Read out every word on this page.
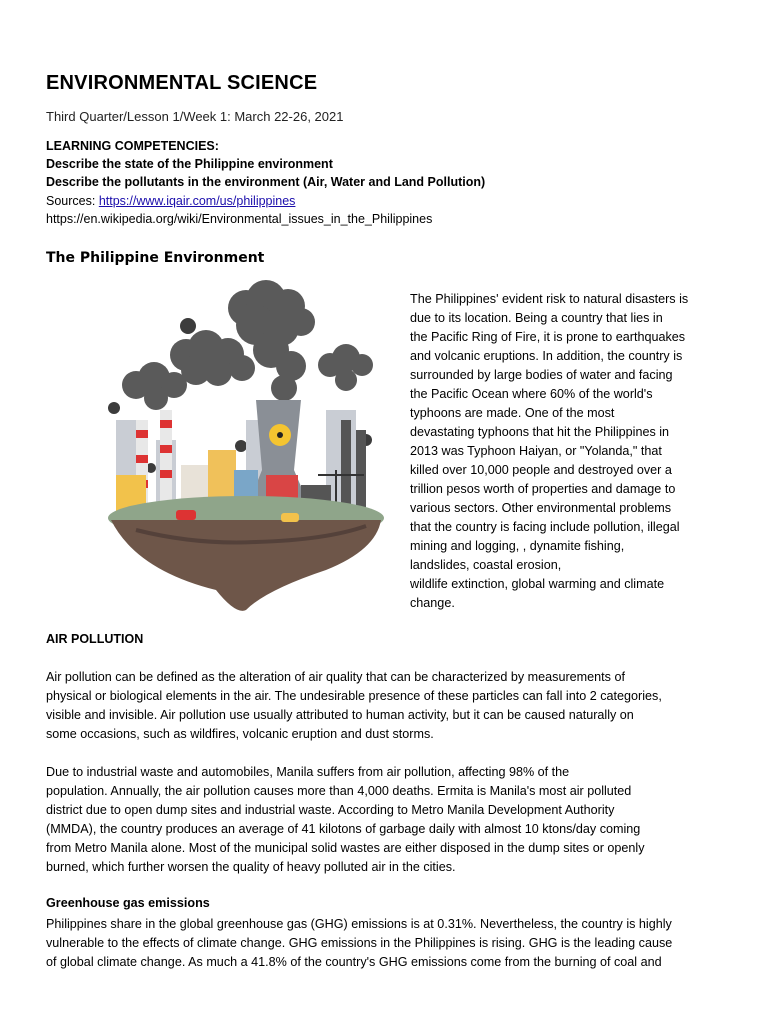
ENVIRONMENTAL SCIENCE
Third Quarter/Lesson 1/Week 1: March 22-26, 2021
LEARNING COMPETENCIES:
Describe the state of the Philippine environment
Describe the pollutants in the environment (Air, Water and Land Pollution)
Sources: https://www.iqair.com/us/philippines
https://en.wikipedia.org/wiki/Environmental_issues_in_the_Philippines
The Philippine Environment
The Philippines' evident risk to natural disasters is
due to its location. Being a country that lies in
the Pacific Ring of Fire, it is prone to earthquakes
and volcanic eruptions. In addition, the country is
surrounded by large bodies of water and facing
the Pacific Ocean where 60% of the world's
typhoons are made. One of the most
devastating typhoons that hit the Philippines in
2013 was Typhoon Haiyan, or "Yolanda," that
killed over 10,000 people and destroyed over a
trillion pesos worth of properties and damage to
various sectors. Other environmental problems
that the country is facing include pollution, illegal
mining and logging, , dynamite fishing,
landslides, coastal erosion,
wildlife extinction, global warming and climate
change.
AIR POLLUTION
Air pollution can be defined as the alteration of air quality that can be characterized by measurements of
physical or biological elements in the air. The undesirable presence of these particles can fall into 2 categories,
visible and invisible. Air pollution use usually attributed to human activity, but it can be caused naturally on
some occasions, such as wildfires, volcanic eruption and dust storms.
Due to industrial waste and automobiles, Manila suffers from air pollution, affecting 98% of the
population. Annually, the air pollution causes more than 4,000 deaths. Ermita is Manila's most air polluted
district due to open dump sites and industrial waste. According to Metro Manila Development Authority
(MMDA), the country produces an average of 41 kilotons of garbage daily with almost 10 ktons/day coming
from Metro Manila alone. Most of the municipal solid wastes are either disposed in the dump sites or openly
burned, which further worsen the quality of heavy polluted air in the cities.
Greenhouse gas emissions
Philippines share in the global greenhouse gas (GHG) emissions is at 0.31%. Nevertheless, the country is highly
vulnerable to the effects of climate change. GHG emissions in the Philippines is rising. GHG is the leading cause
of global climate change. As much a 41.8% of the country's GHG emissions come from the burning of coal and
